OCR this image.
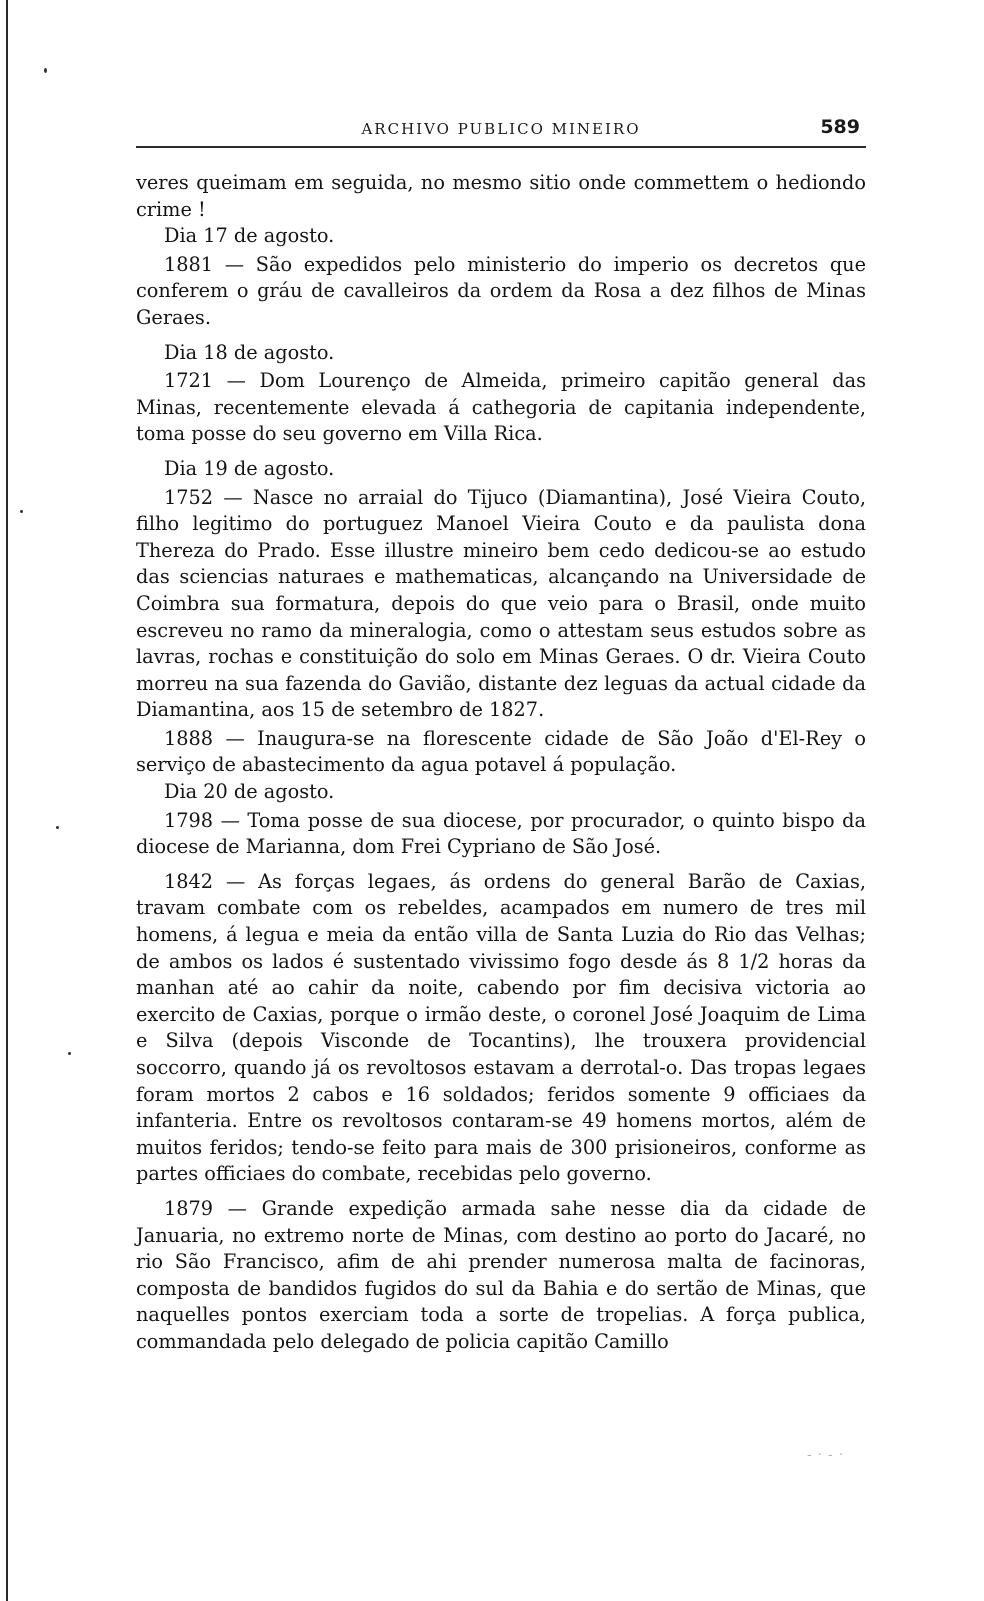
ARCHIVO PUBLICO MINEIRO	589

veres queimam em seguida, no mesmo sitio onde commettem o hediondo crime !

Dia 17 de agosto.

1881 — São expedidos pelo ministerio do imperio os decretos que conferem o gráu de cavalleiros da ordem da Rosa a dez filhos de Minas Geraes.

Dia 18 de agosto.

1721 — Dom Lourenço de Almeida, primeiro capitão general das Minas, recentemente elevada á cathegoria de capitania independente, toma posse do seu governo em Villa Rica.

Dia 19 de agosto.

1752 — Nasce no arraial do Tijuco (Diamantina), José Vieira Couto, filho legitimo do portuguez Manoel Vieira Couto e da paulista dona Thereza do Prado. Esse illustre mineiro bem cedo dedicou-se ao estudo das sciencias naturaes e mathematicas, alcançando na Universidade de Coimbra sua formatura, depois do que veio para o Brasil, onde muito escreveu no ramo da mineralogia, como o attestam seus estudos sobre as lavras, rochas e constituição do solo em Minas Geraes. O dr. Vieira Couto morreu na sua fazenda do Gavião, distante dez leguas da actual cidade da Diamantina, aos 15 de setembro de 1827.

1888 — Inaugura-se na florescente cidade de São João d'El-Rey o serviço de abastecimento da agua potavel á população.

Dia 20 de agosto.

1798 — Toma posse de sua diocese, por procurador, o quinto bispo da diocese de Marianna, dom Frei Cypriano de São José.

1842 — As forças legaes, ás ordens do general Barão de Caxias, travam combate com os rebeldes, acampados em numero de tres mil homens, á legua e meia da então villa de Santa Luzia do Rio das Velhas; de ambos os lados é sustentado vivissimo fogo desde ás 8 1/2 horas da manhan até ao cahir da noite, cabendo por fim decisiva victoria ao exercito de Caxias, porque o irmão deste, o coronel José Joaquim de Lima e Silva (depois Visconde de Tocantins), lhe trouxera providencial soccorro, quando já os revoltosos estavam a derrotal-o. Das tropas legaes foram mortos 2 cabos e 16 soldados; feridos somente 9 officiaes da infanteria. Entre os revoltosos contaram-se 49 homens mortos, além de muitos feridos; tendo-se feito para mais de 300 prisioneiros, conforme as partes officiaes do combate, recebidas pelo governo.

1879 — Grande expedição armada sahe nesse dia da cidade de Januaria, no extremo norte de Minas, com destino ao porto do Jacaré, no rio São Francisco, afim de ahi prender numerosa malta de facinoras, composta de bandidos fugidos do sul da Bahia e do sertão de Minas, que naquelles pontos exerciam toda a sorte de tropelias. A força publica, commandada pelo delegado de policia capitão Camillo

- · ‑ ·
